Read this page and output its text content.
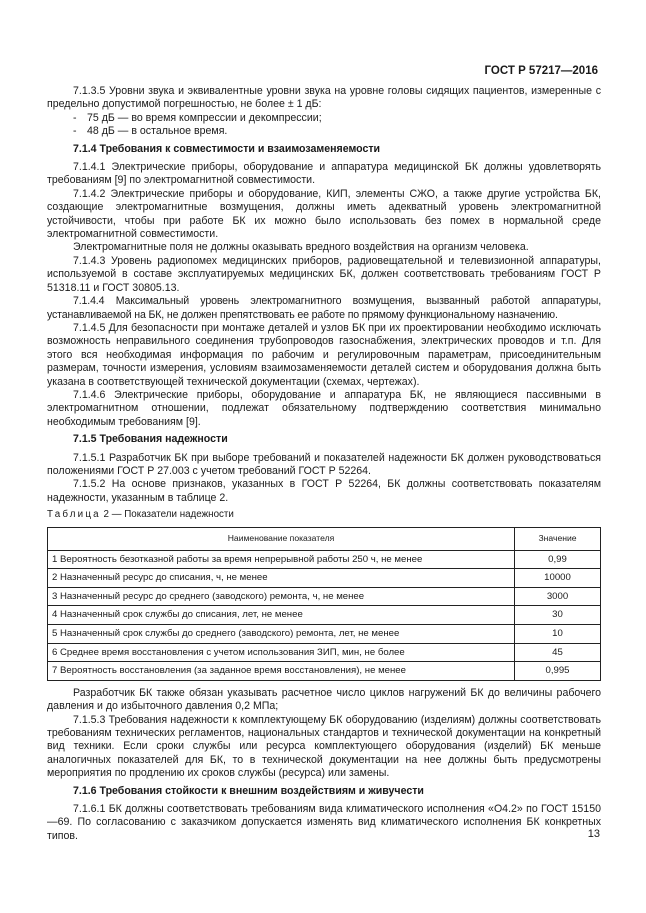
ГОСТ Р 57217—2016

7.1.3.5 Уровни звука и эквивалентные уровни звука на уровне головы сидящих пациентов, измеренные с предельно допустимой погрешностью, не более ± 1 дБ:

- 75 дБ — во время компрессии и декомпрессии;

- 48 дБ — в остальное время.

7.1.4 Требования к совместимости и взаимозаменяемости

7.1.4.1 Электрические приборы, оборудование и аппаратура медицинской БК должны удовлетворять требованиям [9] по электромагнитной совместимости.

7.1.4.2 Электрические приборы и оборудование, КИП, элементы СЖО, а также другие устройства БК, создающие электромагнитные возмущения, должны иметь адекватный уровень электромагнитной устойчивости, чтобы при работе БК их можно было использовать без помех в нормальной среде электромагнитной совместимости.

Электромагнитные поля не должны оказывать вредного воздействия на организм человека.

7.1.4.3 Уровень радиопомех медицинских приборов, радиовещательной и телевизионной аппаратуры, используемой в составе эксплуатируемых медицинских БК, должен соответствовать требованиям ГОСТ Р 51318.11 и ГОСТ 30805.13.

7.1.4.4 Максимальный уровень электромагнитного возмущения, вызванный работой аппаратуры, устанавливаемой на БК, не должен препятствовать ее работе по прямому функциональному назначению.

7.1.4.5 Для безопасности при монтаже деталей и узлов БК при их проектировании необходимо исключать возможность неправильного соединения трубопроводов газоснабжения, электрических проводов и т.п. Для этого вся необходимая информация по рабочим и регулировочным параметрам, присоединительным размерам, точности измерения, условиям взаимозаменяемости деталей систем и оборудования должна быть указана в соответствующей технической документации (схемах, чертежах).

7.1.4.6 Электрические приборы, оборудование и аппаратура БК, не являющиеся пассивными в электромагнитном отношении, подлежат обязательному подтверждению соответствия минимально необходимым требованиям [9].

7.1.5 Требования надежности

7.1.5.1 Разработчик БК при выборе требований и показателей надежности БК должен руководствоваться положениями ГОСТ Р 27.003 с учетом требований ГОСТ Р 52264.

7.1.5.2 На основе признаков, указанных в ГОСТ Р 52264, БК должны соответствовать показателям надежности, указанным в таблице 2.

Таблица 2 — Показатели надежности

Наименование показателя	Значение
1 Вероятность безотказной работы за время непрерывной работы 250 ч, не менее	0,99
2 Назначенный ресурс до списания, ч, не менее	10000
3 Назначенный ресурс до среднего (заводского) ремонта, ч, не менее	3000
4 Назначенный срок службы до списания, лет, не менее	30
5 Назначенный срок службы до среднего (заводского) ремонта, лет, не менее	10
6 Среднее время восстановления с учетом использования ЗИП, мин, не более	45
7 Вероятность восстановления (за заданное время восстановления), не менее	0,995

Разработчик БК также обязан указывать расчетное число циклов нагружений БК до величины рабочего давления и до избыточного давления 0,2 МПа;

7.1.5.3 Требования надежности к комплектующему БК оборудованию (изделиям) должны соответствовать требованиям технических регламентов, национальных стандартов и технической документации на конкретный вид техники. Если сроки службы или ресурса комплектующего оборудования (изделий) БК меньше аналогичных показателей для БК, то в технической документации на нее должны быть предусмотрены мероприятия по продлению их сроков службы (ресурса) или замены.

7.1.6 Требования стойкости к внешним воздействиям и живучести

7.1.6.1 БК должны соответствовать требованиям вида климатического исполнения «О4.2» по ГОСТ 15150—69. По согласованию с заказчиком допускается изменять вид климатического исполнения БК конкретных типов.	13
